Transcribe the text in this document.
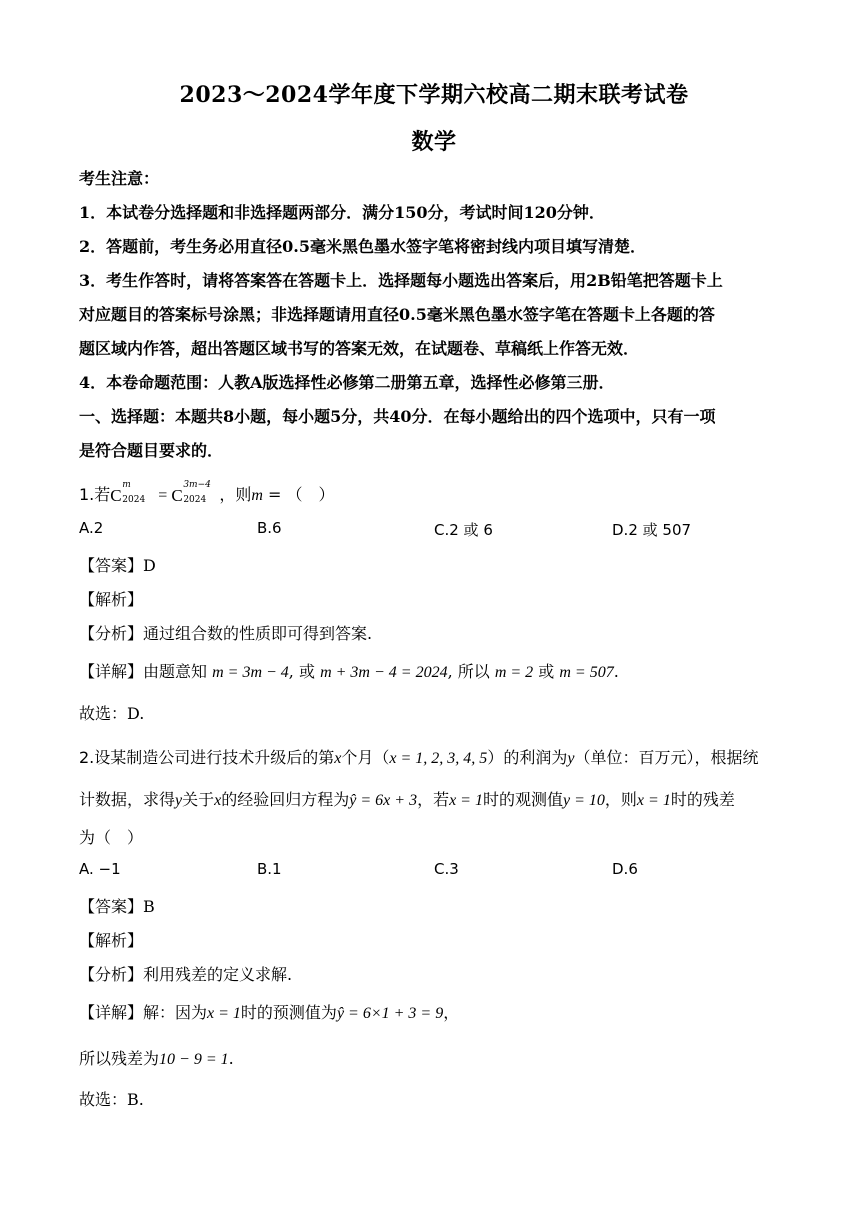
2023～2024学年度下学期六校高二期末联考试卷
数学
考生注意：
1．本试卷分选择题和非选择题两部分．满分150分，考试时间120分钟．
2．答题前，考生务必用直径0.5毫米黑色墨水签字笔将密封线内项目填写清楚．
3．考生作答时，请将答案答在答题卡上．选择题每小题选出答案后，用2B铅笔把答题卡上
对应题目的答案标号涂黑；非选择题请用直径0.5毫米黑色墨水签字笔在答题卡上各题的答
题区域内作答，超出答题区域书写的答案无效，在试题卷、草稿纸上作答无效．
4．本卷命题范围：人教A版选择性必修第二册第五章，选择性必修第三册．
一、选择题：本题共8小题，每小题5分，共40分．在每小题给出的四个选项中，只有一项
是符合题目要求的．
1.若 C
m
2024 = C
3m−4
2024 ，则m = （　）
A.2	B.6	C.2 或 6	D.2 或 507
【答案】D
【解析】
【分析】通过组合数的性质即可得到答案.
【详解】由题意知 m = 3m − 4, 或 m + 3m − 4 = 2024, 所以 m = 2 或 m = 507.
故选：D.
2.设某制造公司进行技术升级后的第x个月（x = 1, 2, 3, 4, 5）的利润为y（单位：百万元），根据统
计数据，求得y关于x的经验回归方程为ŷ = 6x + 3，若x = 1时的观测值y = 10，则x = 1时的残差
为（　）
A. −1	B.1	C.3	D.6
【答案】B
【解析】
【分析】利用残差的定义求解.
【详解】解：因为x = 1时的预测值为ŷ = 6×1 + 3 = 9，
所以残差为10 − 9 = 1.
故选：B.
